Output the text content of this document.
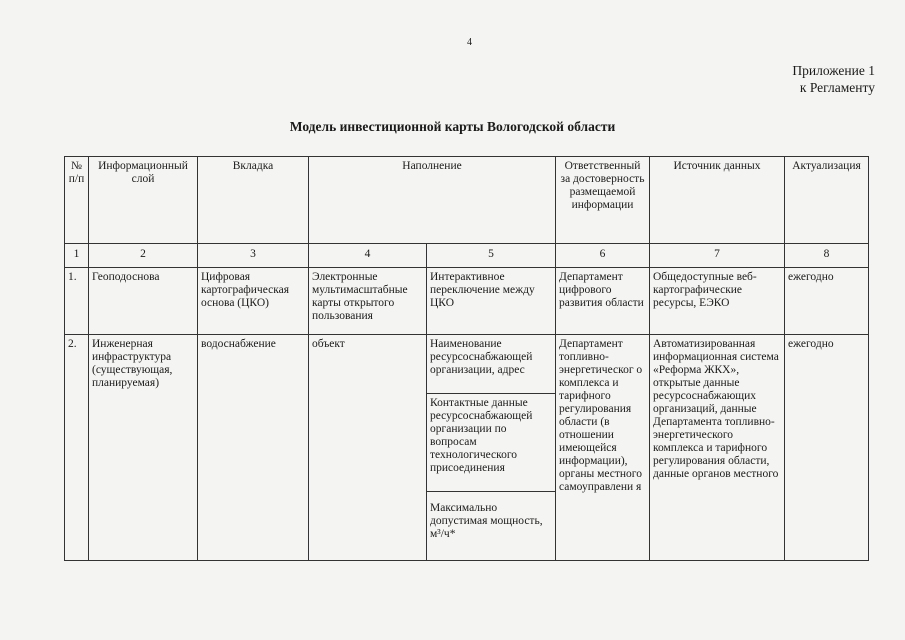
4
Приложение 1
к Регламенту
Модель инвестиционной карты Вологодской области
№ п/п	Информационный слой	Вкладка	Наполнение		Ответственный за достоверность размещаемой информации	Источник данных	Актуализация
1	2	3	4	5	6	7	8
1.	Геоподоснова	Цифровая картографическая основа (ЦКО)	Электронные мультимасштабные карты открытого пользования	Интерактивное переключение между ЦКО	Департамент цифрового развития области	Общедоступные веб-картографические ресурсы, ЕЭКО	ежегодно
2.	Инженерная инфраструктура (существующая, планируемая)	водоснабжение	объект	Наименование ресурсоснабжающей организации, адрес	Департамент топливно-энергетическог о комплекса и тарифного регулирования области (в отношении имеющейся информации), органы местного самоуправлени я	Автоматизированная информационная система «Реформа ЖКХ», открытые данные ресурсоснабжающих организаций, данные Департамента топливно-энергетического комплекса и тарифного регулирования области, данные органов местного	ежегодно
				Контактные данные ресурсоснабжающей организации по вопросам технологического присоединения			
				Максимально допустимая мощность, м³/ч*			
